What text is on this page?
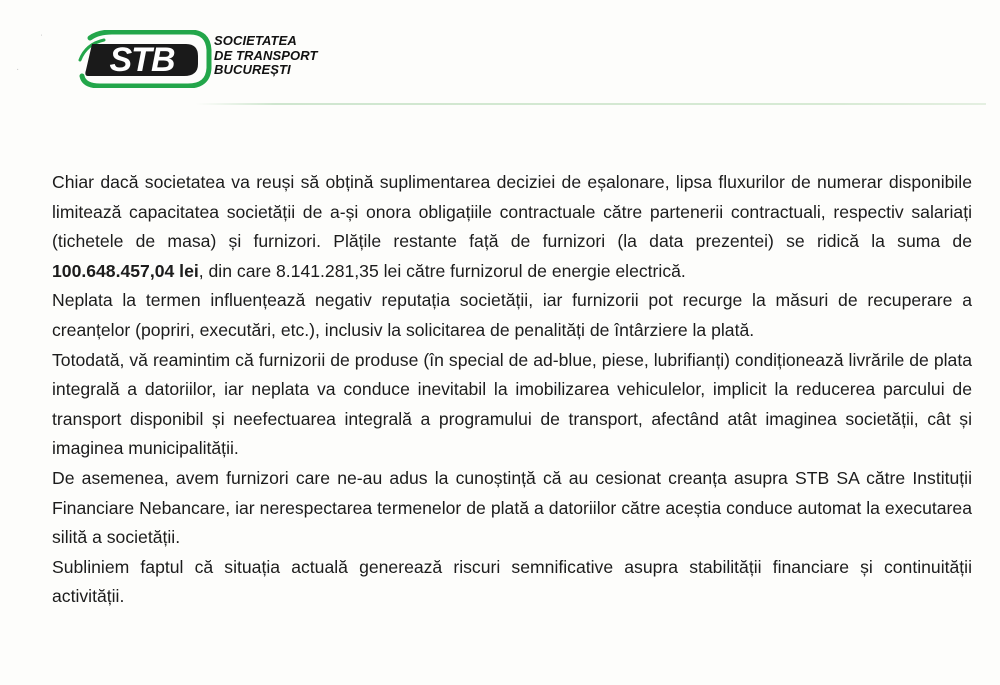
ˈ
·	STB
SOCIETATEA
DE TRANSPORT
BUCUREȘTI

Chiar dacă societatea va reuși să obțină suplimentarea deciziei de eșalonare, lipsa fluxurilor de numerar disponibile limitează capacitatea societății de a-și onora obligațiile contractuale către partenerii contractuali, respectiv salariați (tichetele de masa) și furnizori. Plățile restante față de furnizori (la data prezentei) se ridică la suma de 100.648.457,04 lei, din care 8.141.281,35 lei către furnizorul de energie electrică.

Neplata la termen influențează negativ reputația societății, iar furnizorii pot recurge la măsuri de recuperare a creanțelor (popriri, executări, etc.), inclusiv la solicitarea de penalități de întârziere la plată.

Totodată, vă reamintim că furnizorii de produse (în special de ad-blue, piese, lubrifianți) condiționează livrările de plata integrală a datoriilor, iar neplata va conduce inevitabil la imobilizarea vehiculelor, implicit la reducerea parcului de transport disponibil și neefectuarea integrală a programului de transport, afectând atât imaginea societății, cât și imaginea municipalității.

De asemenea, avem furnizori care ne-au adus la cunoștință că au cesionat creanța asupra STB SA către Instituții Financiare Nebancare, iar nerespectarea termenelor de plată a datoriilor către aceștia conduce automat la executarea silită a societății.

Subliniem faptul că situația actuală generează riscuri semnificative asupra stabilității financiare și continuității activității.
